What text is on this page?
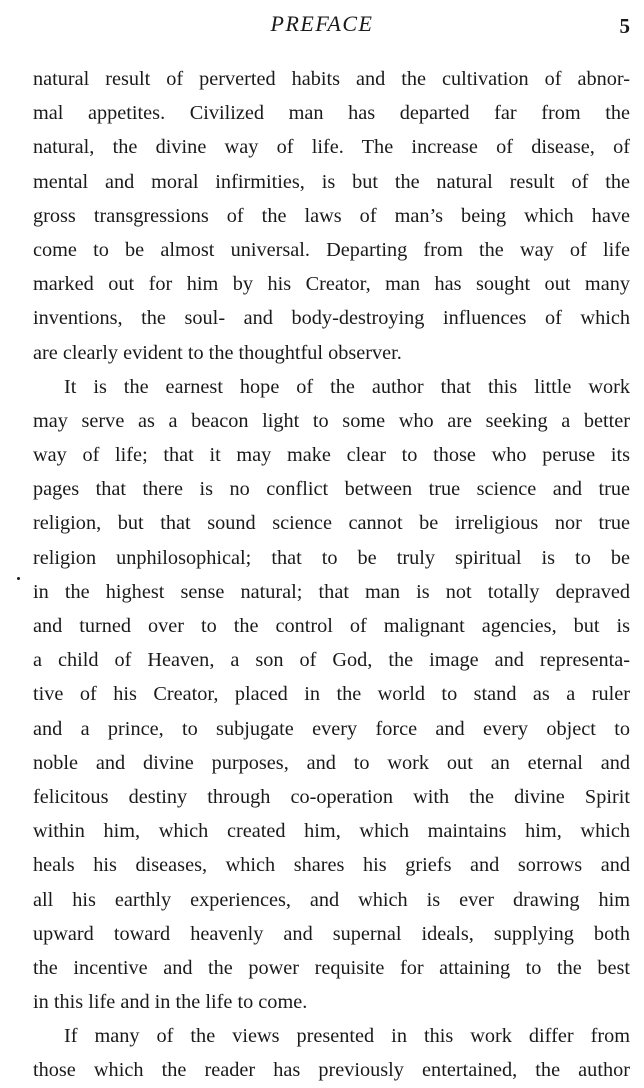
PREFACE	5
natural result of perverted habits and the cultivation of abnor-
mal appetites. Civilized man has departed far from the
natural, the divine way of life. The increase of disease, of
mental and moral infirmities, is but the natural result of the
gross transgressions of the laws of man’s being which have
come to be almost universal. Departing from the way of life
marked out for him by his Creator, man has sought out many
inventions, the soul- and body-destroying influences of which
are clearly evident to the thoughtful observer.
It is the earnest hope of the author that this little work
may serve as a beacon light to some who are seeking a better
way of life; that it may make clear to those who peruse its
pages that there is no conflict between true science and true
religion, but that sound science cannot be irreligious nor true
religion unphilosophical; that to be truly spiritual is to be
in the highest sense natural; that man is not totally depraved
and turned over to the control of malignant agencies, but is
a child of Heaven, a son of God, the image and representa-
tive of his Creator, placed in the world to stand as a ruler
and a prince, to subjugate every force and every object to
noble and divine purposes, and to work out an eternal and
felicitous destiny through co-operation with the divine Spirit
within him, which created him, which maintains him, which
heals his diseases, which shares his griefs and sorrows and
all his earthly experiences, and which is ever drawing him
upward toward heavenly and supernal ideals, supplying both
the incentive and the power requisite for attaining to the best
in this life and in the life to come.
If many of the views presented in this work differ from
those which the reader has previously entertained, the author
